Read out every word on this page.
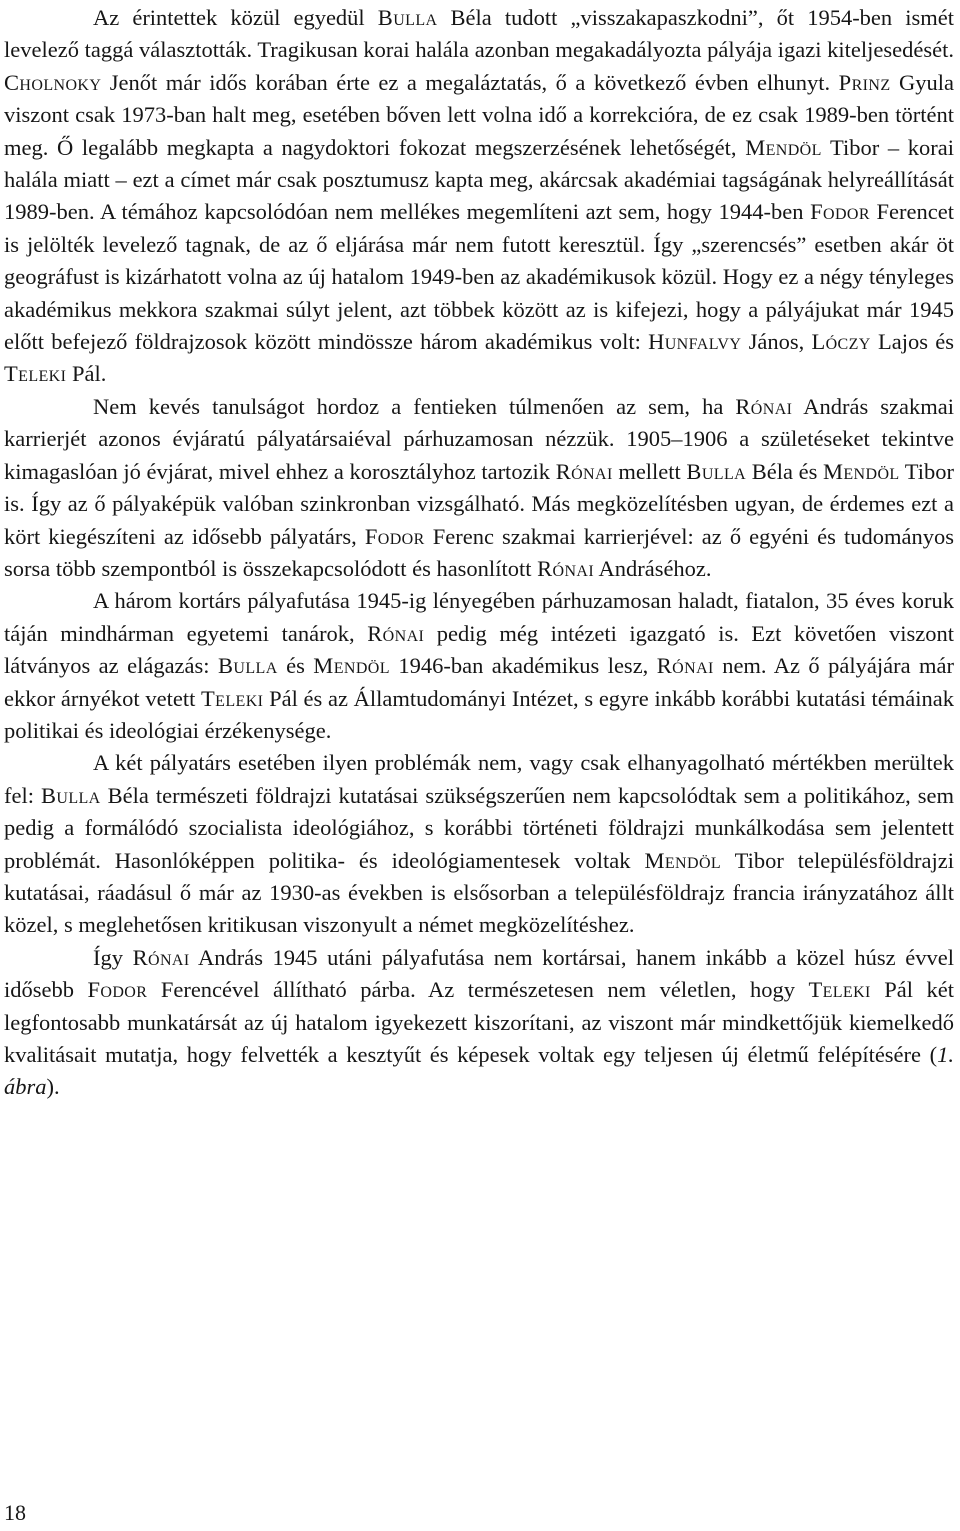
Az érintettek közül egyedül Bulla Béla tudott „visszakapaszkodni”, őt 1954-ben ismét levelező taggá választották. Tragikusan korai halála azonban megakadályozta pályája igazi kiteljesedését. Cholnoky Jenőt már idős korában érte ez a megaláztatás, ő a következő évben elhunyt. Prinz Gyula viszont csak 1973-ban halt meg, esetében bőven lett volna idő a korrekcióra, de ez csak 1989-ben történt meg. Ő legalább megkapta a nagydoktori fokozat megszerzésének lehetőségét, Mendöl Tibor – korai halála miatt – ezt a címet már csak posztumusz kapta meg, akárcsak akadémiai tagságának helyreállítását 1989-ben. A témához kapcsolódóan nem mellékes megemlíteni azt sem, hogy 1944-ben Fodor Ferencet is jelölték levelező tagnak, de az ő eljárása már nem futott keresztül. Így „szerencsés” esetben akár öt geográfust is kizárhatott volna az új hatalom 1949-ben az akadémikusok közül. Hogy ez a négy tényleges akadémikus mekkora szakmai súlyt jelent, azt többek között az is kifejezi, hogy a pályájukat már 1945 előtt befejező földrajzosok között mindössze három akadémikus volt: Hunfalvy János, Lóczy Lajos és Teleki Pál.

Nem kevés tanulságot hordoz a fentieken túlmenően az sem, ha Rónai András szakmai karrierjét azonos évjáratú pályatársaiéval párhuzamosan nézzük. 1905–1906 a születéseket tekintve kimagaslóan jó évjárat, mivel ehhez a korosztályhoz tartozik Rónai mellett Bulla Béla és Mendöl Tibor is. Így az ő pályaképük valóban szinkronban vizsgálható. Más megközelítésben ugyan, de érdemes ezt a kört kiegészíteni az idősebb pályatárs, Fodor Ferenc szakmai karrierjével: az ő egyéni és tudományos sorsa több szempontból is összekapcsolódott és hasonlított Rónai Andráséhoz.

A három kortárs pályafutása 1945-ig lényegében párhuzamosan haladt, fiatalon, 35 éves koruk táján mindhárman egyetemi tanárok, Rónai pedig még intézeti igazgató is. Ezt követően viszont látványos az elágazás: Bulla és Mendöl 1946-ban akadémikus lesz, Rónai nem. Az ő pályájára már ekkor árnyékot vetett Teleki Pál és az Államtudományi Intézet, s egyre inkább korábbi kutatási témáinak politikai és ideológiai érzékenysége.

A két pályatárs esetében ilyen problémák nem, vagy csak elhanyagolható mértékben merültek fel: Bulla Béla természeti földrajzi kutatásai szükségszerűen nem kapcsolódtak sem a politikához, sem pedig a formálódó szocialista ideológiához, s korábbi történeti földrajzi munkálkodása sem jelentett problémát. Hasonlóképpen politika- és ideológiamentesek voltak Mendöl Tibor településföldrajzi kutatásai, ráadásul ő már az 1930-as években is elsősorban a településföldrajz francia irányzatához állt közel, s meglehetősen kritikusan viszonyult a német megközelítéshez.

Így Rónai András 1945 utáni pályafutása nem kortársai, hanem inkább a közel húsz évvel idősebb Fodor Ferencével állítható párba. Az természetesen nem véletlen, hogy Teleki Pál két legfontosabb munkatársát az új hatalom igyekezett kiszorítani, az viszont már mindkettőjük kiemelkedő kvalitásait mutatja, hogy felvették a kesztyűt és képesek voltak egy teljesen új életmű felépítésére (1. ábra).

18
